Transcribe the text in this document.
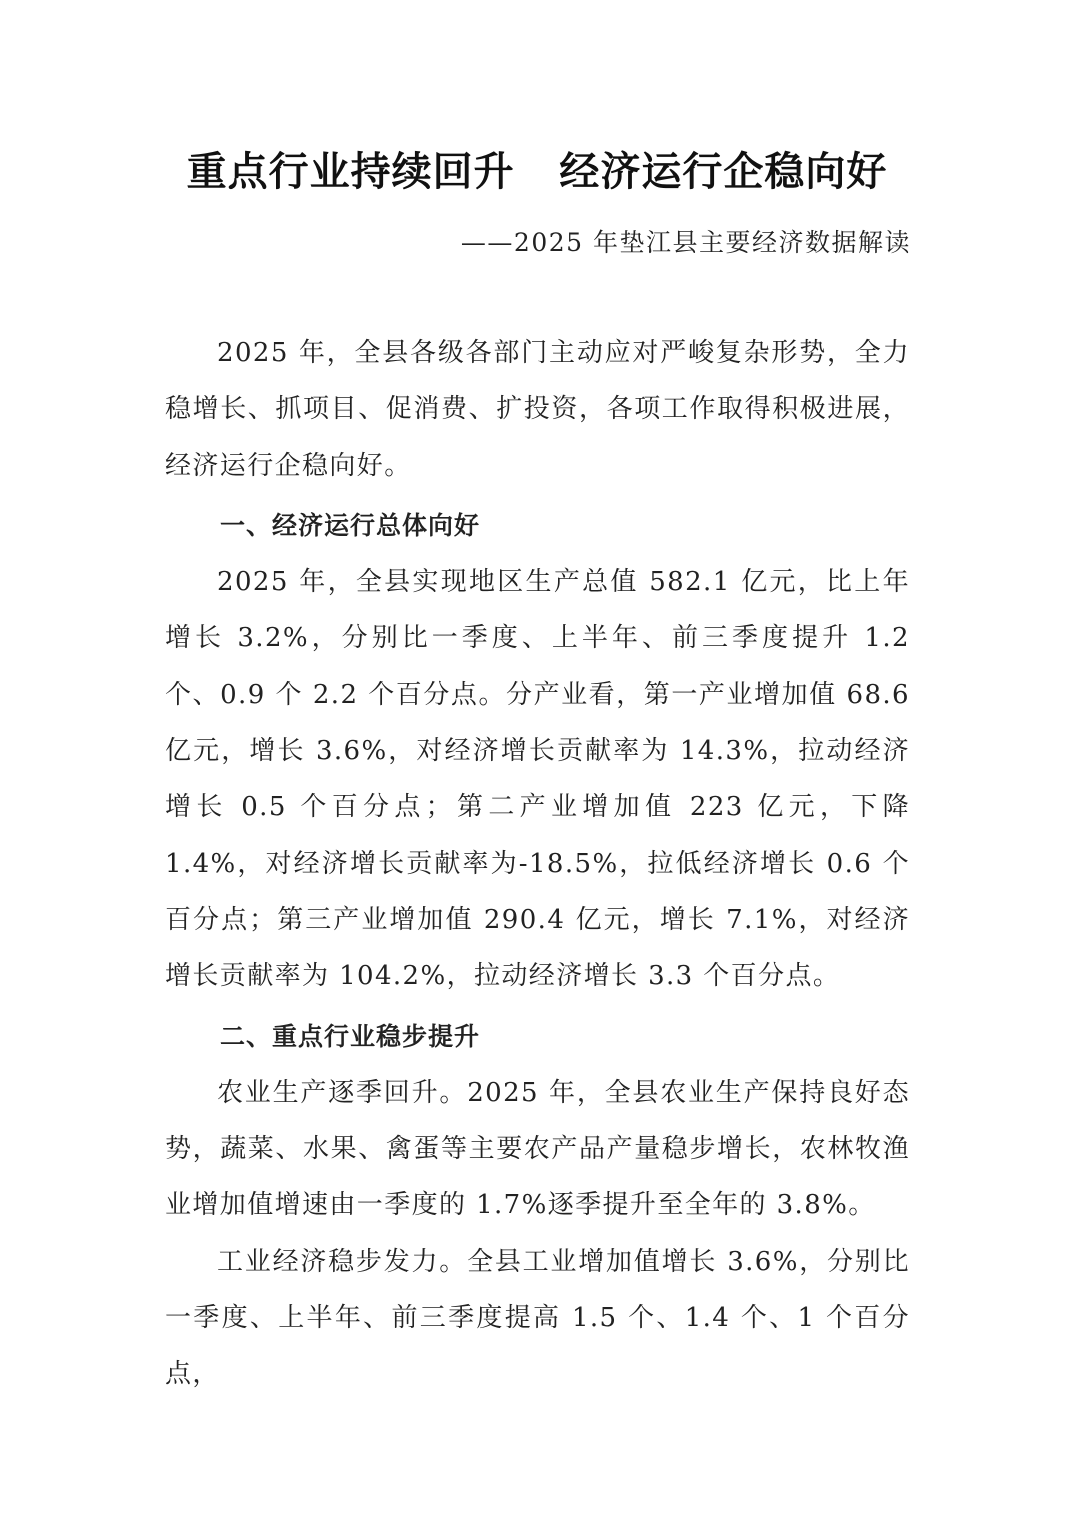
重点行业持续回升   经济运行企稳向好
——2025 年垫江县主要经济数据解读

2025 年，全县各级各部门主动应对严峻复杂形势，全力稳增长、抓项目、促消费、扩投资，各项工作取得积极进展，经济运行企稳向好。

一、经济运行总体向好

2025 年，全县实现地区生产总值 582.1 亿元，比上年增长 3.2%，分别比一季度、上半年、前三季度提升 1.2 个、0.9 个 2.2 个百分点。分产业看，第一产业增加值 68.6 亿元，增长 3.6%，对经济增长贡献率为 14.3%，拉动经济增长 0.5 个百分点；第二产业增加值 223 亿元，下降 1.4%，对经济增长贡献率为-18.5%，拉低经济增长 0.6 个百分点；第三产业增加值 290.4 亿元，增长 7.1%，对经济增长贡献率为 104.2%，拉动经济增长 3.3 个百分点。

二、重点行业稳步提升

农业生产逐季回升。2025 年，全县农业生产保持良好态势，蔬菜、水果、禽蛋等主要农产品产量稳步增长，农林牧渔业增加值增速由一季度的 1.7%逐季提升至全年的 3.8%。

工业经济稳步发力。全县工业增加值增长 3.6%，分别比一季度、上半年、前三季度提高 1.5 个、1.4 个、1 个百分点，
